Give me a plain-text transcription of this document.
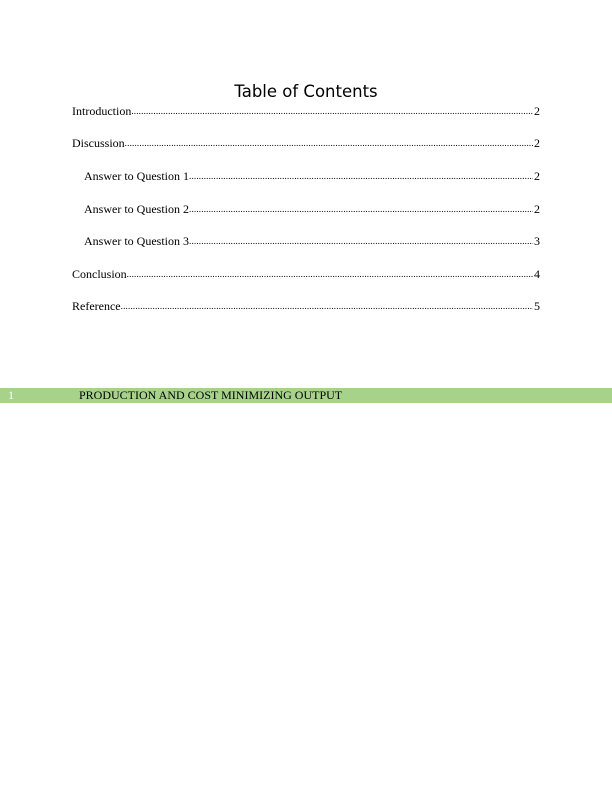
Table of Contents
Introduction .....	2
Discussion .....	2
Answer to Question 1 .....	2
Answer to Question 2 .....	2
Answer to Question 3 .....	3
Conclusion .....	4
Reference .....	5
1	PRODUCTION AND COST MINIMIZING OUTPUT
